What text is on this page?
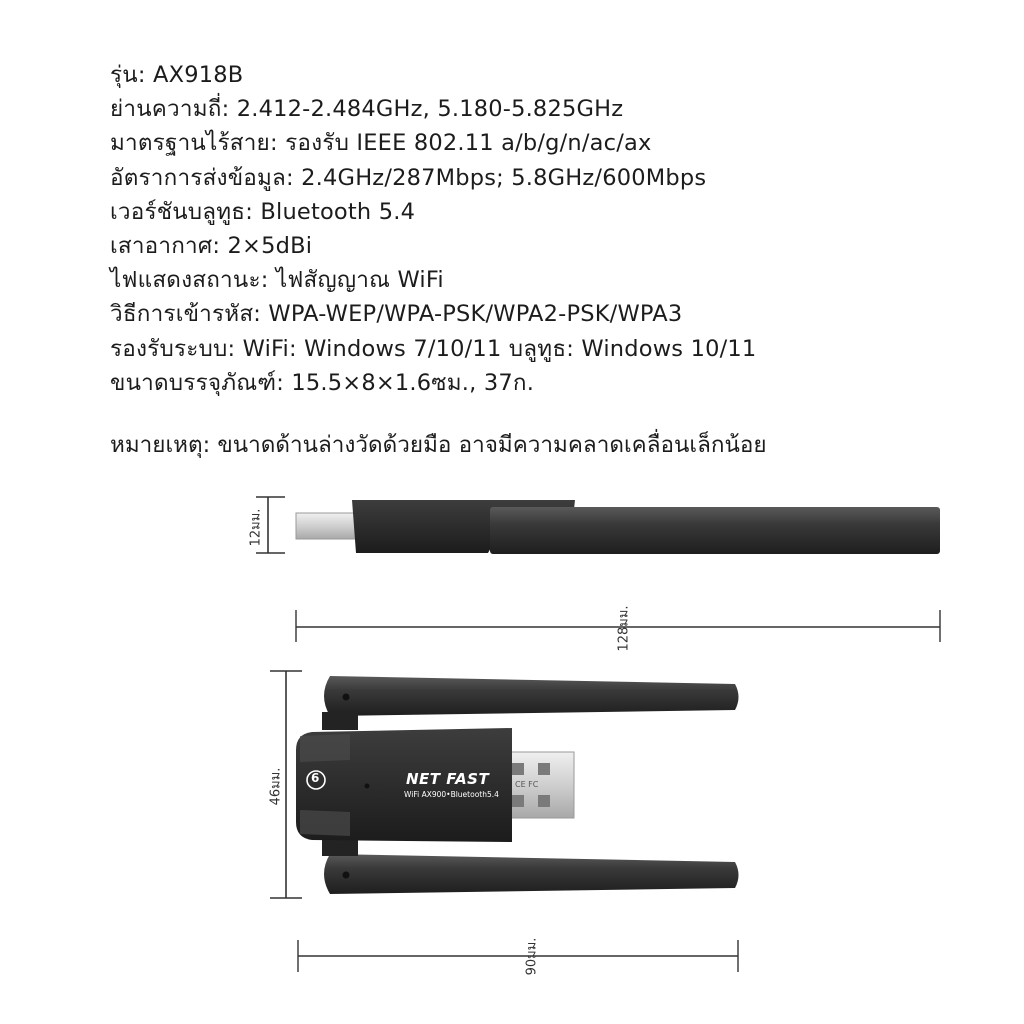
รุ่น: AX918B
ย่านความถี่: 2.412-2.484GHz, 5.180-5.825GHz
มาตรฐานไร้สาย: รองรับ IEEE 802.11 a/b/g/n/ac/ax
อัตราการส่งข้อมูล: 2.4GHz/287Mbps; 5.8GHz/600Mbps
เวอร์ชันบลูทูธ: Bluetooth 5.4
เสาอากาศ: 2×5dBi
ไฟแสดงสถานะ: ไฟสัญญาณ WiFi
วิธีการเข้ารหัส: WPA-WEP/WPA-PSK/WPA2-PSK/WPA3
รองรับระบบ: WiFi: Windows 7/10/11 บลูทูธ: Windows 10/11
ขนาดบรรจุภัณฑ์: 15.5×8×1.6ซม., 37ก.
หมายเหตุ: ขนาดด้านล่างวัดด้วยมือ อาจมีความคลาดเคลื่อนเล็กน้อย
6	NET FAST
WiFi AX900•Bluetooth5.4
CE FC
12มม.
128มม.
46มม.
90มม.
